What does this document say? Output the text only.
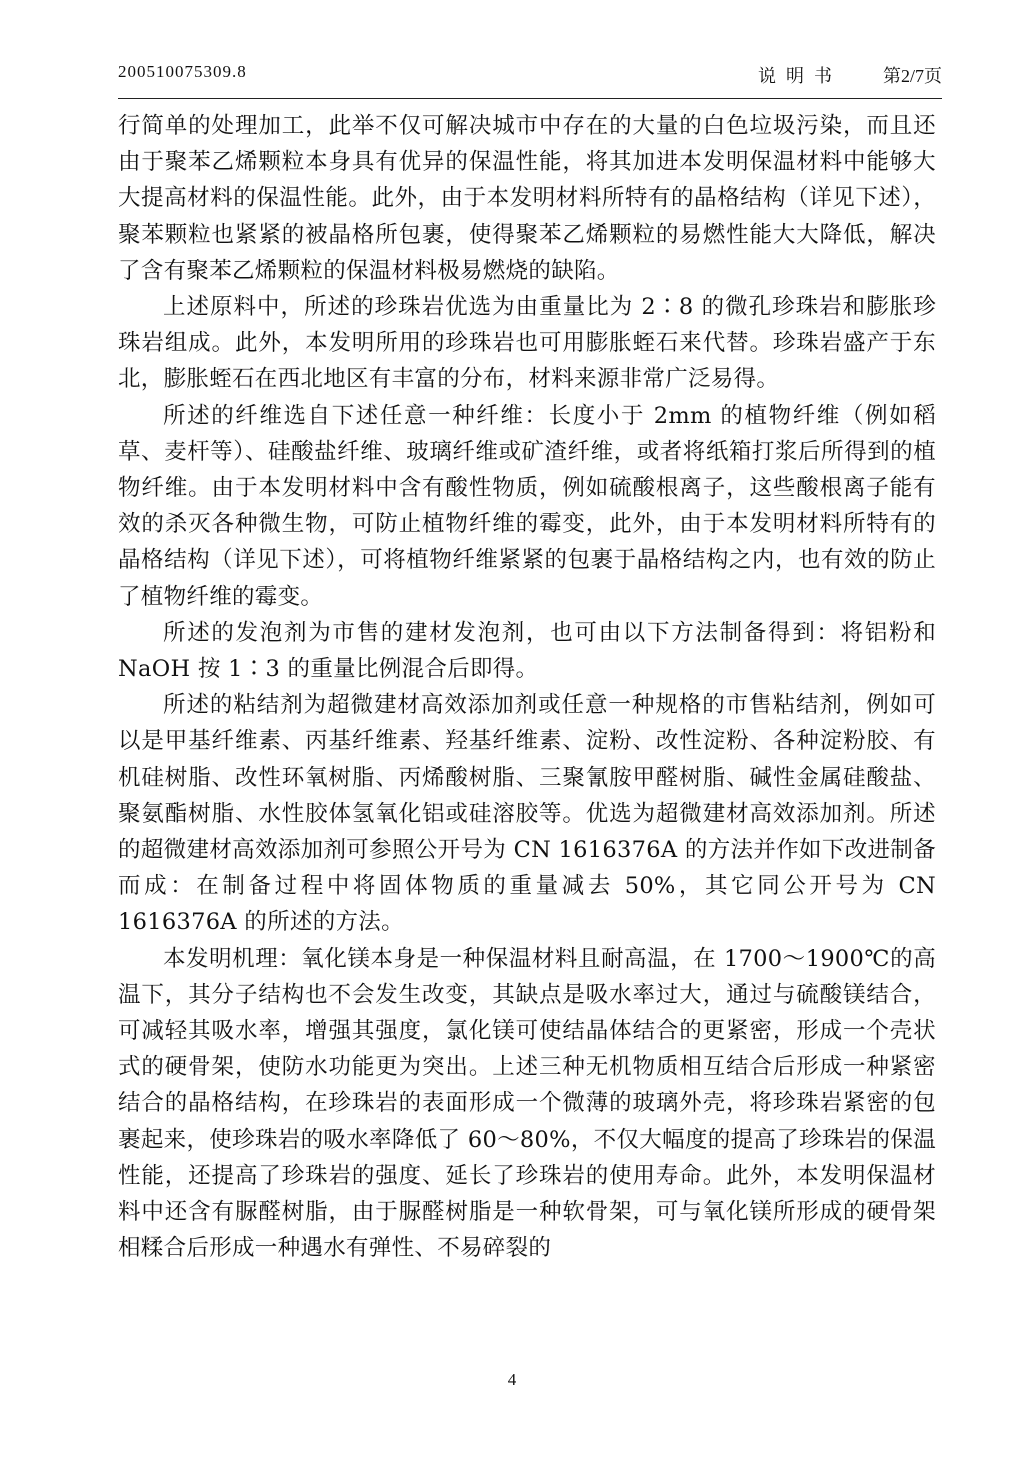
200510075309.8	说明书 第2/7页

行简单的处理加工，此举不仅可解决城市中存在的大量的白色垃圾污染，而且还由于聚苯乙烯颗粒本身具有优异的保温性能，将其加进本发明保温材料中能够大大提高材料的保温性能。此外，由于本发明材料所特有的晶格结构（详见下述），聚苯颗粒也紧紧的被晶格所包裹，使得聚苯乙烯颗粒的易燃性能大大降低，解决了含有聚苯乙烯颗粒的保温材料极易燃烧的缺陷。

上述原料中，所述的珍珠岩优选为由重量比为 2∶8 的微孔珍珠岩和膨胀珍珠岩组成。此外，本发明所用的珍珠岩也可用膨胀蛭石来代替。珍珠岩盛产于东北，膨胀蛭石在西北地区有丰富的分布，材料来源非常广泛易得。

所述的纤维选自下述任意一种纤维：长度小于 2mm 的植物纤维（例如稻草、麦杆等）、硅酸盐纤维、玻璃纤维或矿渣纤维，或者将纸箱打浆后所得到的植物纤维。由于本发明材料中含有酸性物质，例如硫酸根离子，这些酸根离子能有效的杀灭各种微生物，可防止植物纤维的霉变，此外，由于本发明材料所特有的晶格结构（详见下述），可将植物纤维紧紧的包裹于晶格结构之内，也有效的防止了植物纤维的霉变。

所述的发泡剂为市售的建材发泡剂，也可由以下方法制备得到：将铝粉和 NaOH 按 1∶3 的重量比例混合后即得。

所述的粘结剂为超微建材高效添加剂或任意一种规格的市售粘结剂，例如可以是甲基纤维素、丙基纤维素、羟基纤维素、淀粉、改性淀粉、各种淀粉胶、有机硅树脂、改性环氧树脂、丙烯酸树脂、三聚氰胺甲醛树脂、碱性金属硅酸盐、聚氨酯树脂、水性胶体氢氧化铝或硅溶胶等。优选为超微建材高效添加剂。所述的超微建材高效添加剂可参照公开号为 CN 1616376A 的方法并作如下改进制备而成：在制备过程中将固体物质的重量减去 50%，其它同公开号为 CN 1616376A 的所述的方法。

本发明机理：氧化镁本身是一种保温材料且耐高温，在 1700～1900℃的高温下，其分子结构也不会发生改变，其缺点是吸水率过大，通过与硫酸镁结合，可减轻其吸水率，增强其强度，氯化镁可使结晶体结合的更紧密，形成一个壳状式的硬骨架，使防水功能更为突出。上述三种无机物质相互结合后形成一种紧密结合的晶格结构，在珍珠岩的表面形成一个微薄的玻璃外壳，将珍珠岩紧密的包裹起来，使珍珠岩的吸水率降低了 60～80%，不仅大幅度的提高了珍珠岩的保温性能，还提高了珍珠岩的强度、延长了珍珠岩的使用寿命。此外，本发明保温材料中还含有脲醛树脂，由于脲醛树脂是一种软骨架，可与氧化镁所形成的硬骨架相糅合后形成一种遇水有弹性、不易碎裂的

4
